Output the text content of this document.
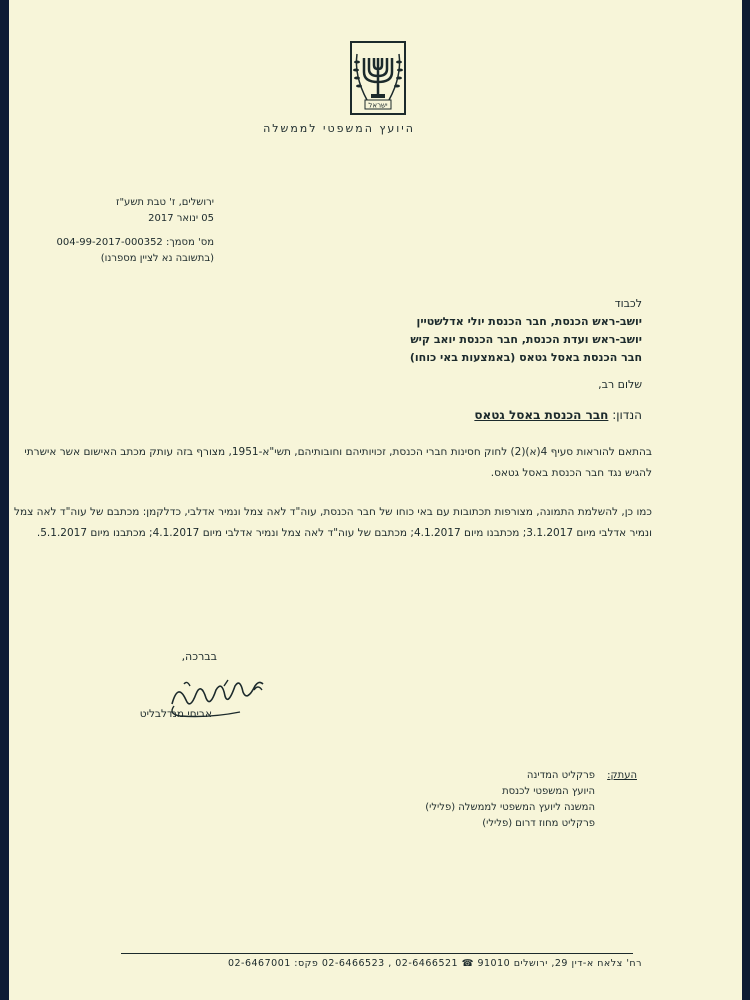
ישראל
היועץ המשפטי לממשלה
ירושלים, ז' טבת תשע"ז
05 ינואר 2017
מס' מסמך: 004-99-2017-000352
(בתשובה נא לציין מספרנו)
לכבוד
יושב-ראש הכנסת, חבר הכנסת יולי אדלשטיין
יושב-ראש ועדת הכנסת, חבר הכנסת יואב קיש
חבר הכנסת באסל גטאס (באמצעות באי כוחו)
שלום רב,
הנדון: חבר הכנסת באסל גטאס
בהתאם להוראות סעיף 4(א)(2) לחוק חסינות חברי הכנסת, זכויותיהם וחובותיהם, תשי"א-1951, מצורף בזה עותק מכתב האישום אשר אישרתי להגיש נגד חבר הכנסת באסל גטאס.
כמו כן, להשלמת התמונה, מצורפות תכתובות עם באי כוחו של חבר הכנסת, עוה"ד לאה צמל ונמיר אדלבי, כדלקמן: מכתבם של עוה"ד לאה צמל ונמיר אדלבי מיום 3.1.2017; מכתבנו מיום 4.1.2017; מכתבם של עוה"ד לאה צמל ונמיר אדלבי מיום 4.1.2017; מכתבנו מיום 5.1.2017.
בברכה,
אביחי מנדלבליט
העתק:
פרקליט המדינה
היועץ המשפטי לכנסת
המשנה ליועץ המשפטי לממשלה (פלילי)
פרקליט מחוז דרום (פלילי)
רח' צלאח א-דין 29, ירושלים 91010 ☎ 02-6466521 , 02-6466523 פקס: 02-6467001
